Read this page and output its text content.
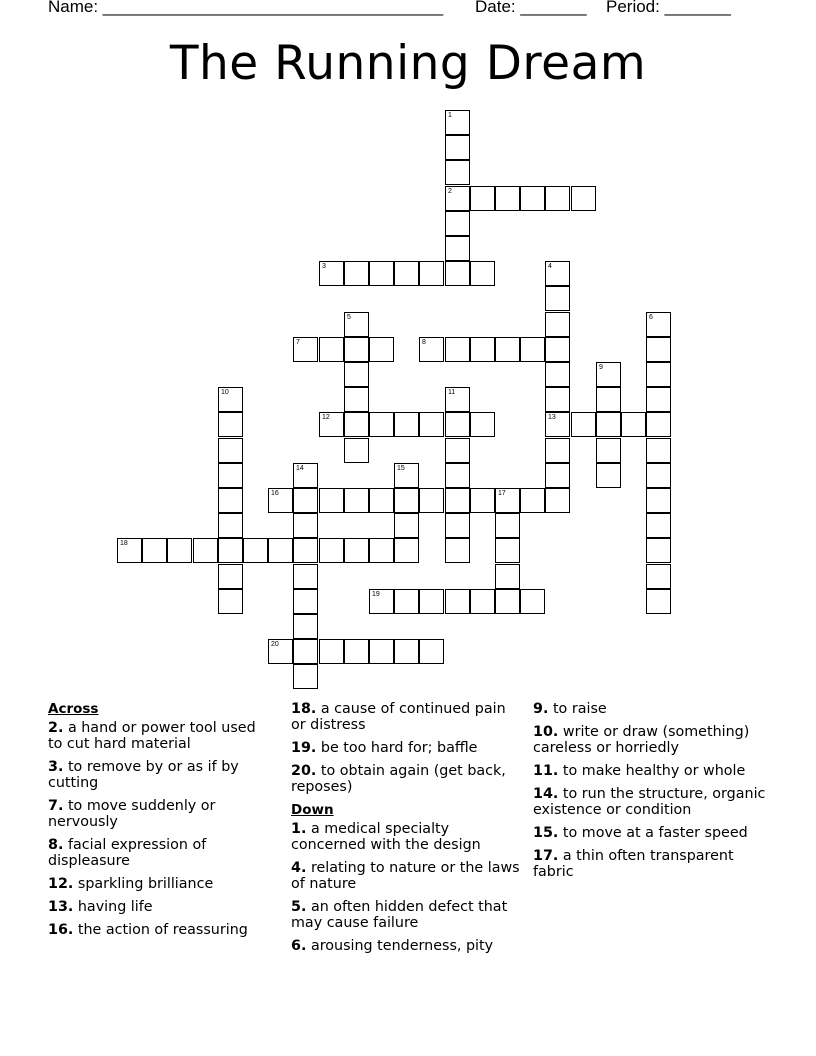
Name: ____________________________________

Date: _______

Period: _______

The Running Dream
1
2
3	4
13
5	6
7	8
9
10	11
12
14	15
16	17
18
19
20
Across
2. a hand or power tool used to cut hard material
3. to remove by or as if by cutting
7. to move suddenly or nervously
8. facial expression of displeasure
12. sparkling brilliance
13. having life
16. the action of reassuring
18. a cause of continued pain or distress
19. be too hard for; baffle
20. to obtain again (get back, reposes)
Down
1. a medical specialty concerned with the design
4. relating to nature or the laws of nature
5. an often hidden defect that may cause failure
6. arousing tenderness, pity
9. to raise
10. write or draw (something) careless or horriedly
11. to make healthy or whole
14. to run the structure, organic existence or condition
15. to move at a faster speed
17. a thin often transparent fabric
